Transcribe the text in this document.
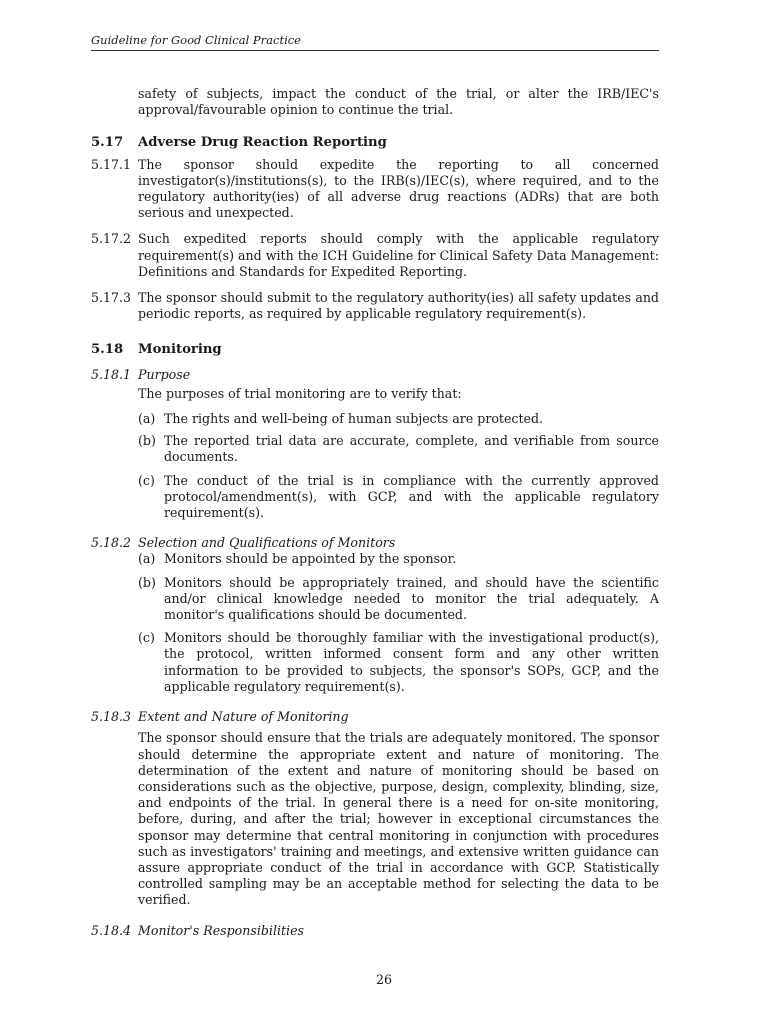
Guideline for Good Clinical Practice

safety of subjects, impact the conduct of the trial, or alter the IRB/IEC's approval/favourable opinion to continue the trial.

5.17	Adverse Drug Reaction Reporting
5.17.1 The sponsor should expedite the reporting to all concerned investigator(s)/institutions(s), to the IRB(s)/IEC(s), where required, and to the regulatory authority(ies) of all adverse drug reactions (ADRs) that are both serious and unexpected.
5.17.2 Such expedited reports should comply with the applicable regulatory requirement(s) and with the ICH Guideline for Clinical Safety Data Management: Definitions and Standards for Expedited Reporting.
5.17.3 The sponsor should submit to the regulatory authority(ies) all safety updates and periodic reports, as required by applicable regulatory requirement(s).
5.18	Monitoring
5.18.1 Purpose

The purposes of trial monitoring are to verify that:

(a) The rights and well-being of human subjects are protected.
(b) The reported trial data are accurate, complete, and verifiable from source documents.
(c) The conduct of the trial is in compliance with the currently approved protocol/amendment(s), with GCP, and with the applicable regulatory requirement(s).
5.18.2 Selection and Qualifications of Monitors
(a) Monitors should be appointed by the sponsor.
(b) Monitors should be appropriately trained, and should have the scientific and/or clinical knowledge needed to monitor the trial adequately. A monitor's qualifications should be documented.
(c) Monitors should be thoroughly familiar with the investigational product(s), the protocol, written informed consent form and any other written information to be provided to subjects, the sponsor's SOPs, GCP, and the applicable regulatory requirement(s).
5.18.3 Extent and Nature of Monitoring

The sponsor should ensure that the trials are adequately monitored. The sponsor should determine the appropriate extent and nature of monitoring. The determination of the extent and nature of monitoring should be based on considerations such as the objective, purpose, design, complexity, blinding, size, and endpoints of the trial. In general there is a need for on-site monitoring, before, during, and after the trial; however in exceptional circumstances the sponsor may determine that central monitoring in conjunction with procedures such as investigators' training and meetings, and extensive written guidance can assure appropriate conduct of the trial in accordance with GCP. Statistically controlled sampling may be an acceptable method for selecting the data to be verified.

5.18.4 Monitor's Responsibilities
26
